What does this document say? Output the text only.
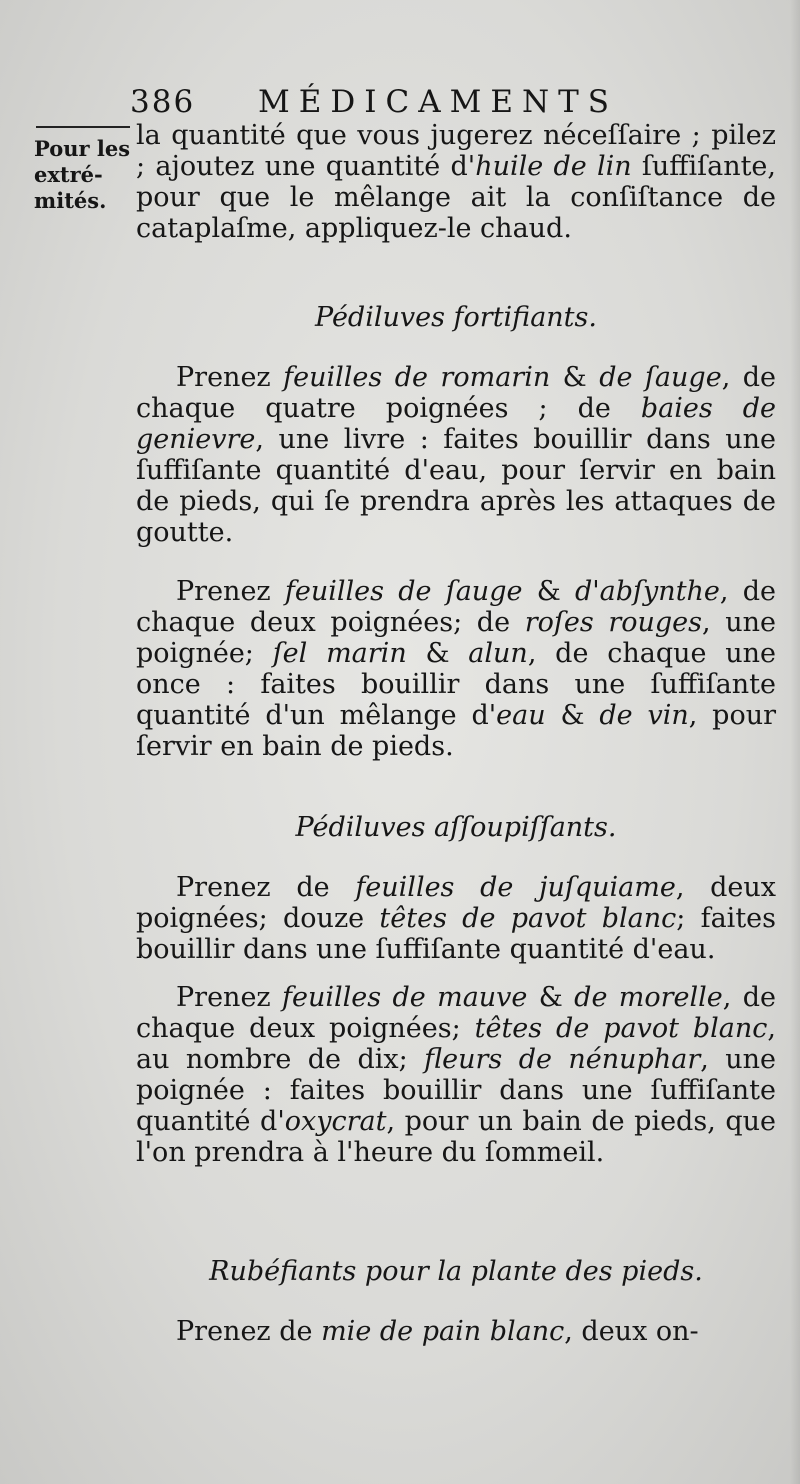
386 MÉDICAMENTS
Pour les
extré-
mités.

la quantité que vous jugerez néceſſaire ; pilez ; ajoutez une quantité d'huile de lin ſuffiſante, pour que le mêlange ait la conſiſtance de cataplaſme, appliquez-le chaud.

Pédiluves fortifiants.

Prenez feuilles de romarin & de ſauge, de chaque quatre poignées ; de baies de genievre, une livre : faites bouillir dans une ſuffiſante quantité d'eau, pour ſervir en bain de pieds, qui ſe prendra après les attaques de goutte.

Prenez feuilles de ſauge & d'abſynthe, de chaque deux poignées; de roſes rouges, une poignée; ſel marin & alun, de chaque une once : faites bouillir dans une ſuffiſante quantité d'un mêlange d'eau & de vin, pour ſervir en bain de pieds.

Pédiluves aſſoupiſſants.

Prenez de feuilles de juſquiame, deux poignées; douze têtes de pavot blanc; faites bouillir dans une ſuffiſante quantité d'eau.

Prenez feuilles de mauve & de morelle, de chaque deux poignées; têtes de pavot blanc, au nombre de dix; fleurs de nénuphar, une poignée : faites bouillir dans une ſuffiſante quantité d'oxycrat, pour un bain de pieds, que l'on prendra à l'heure du ſommeil.

Rubéfiants pour la plante des pieds.

Prenez de mie de pain blanc, deux on-
